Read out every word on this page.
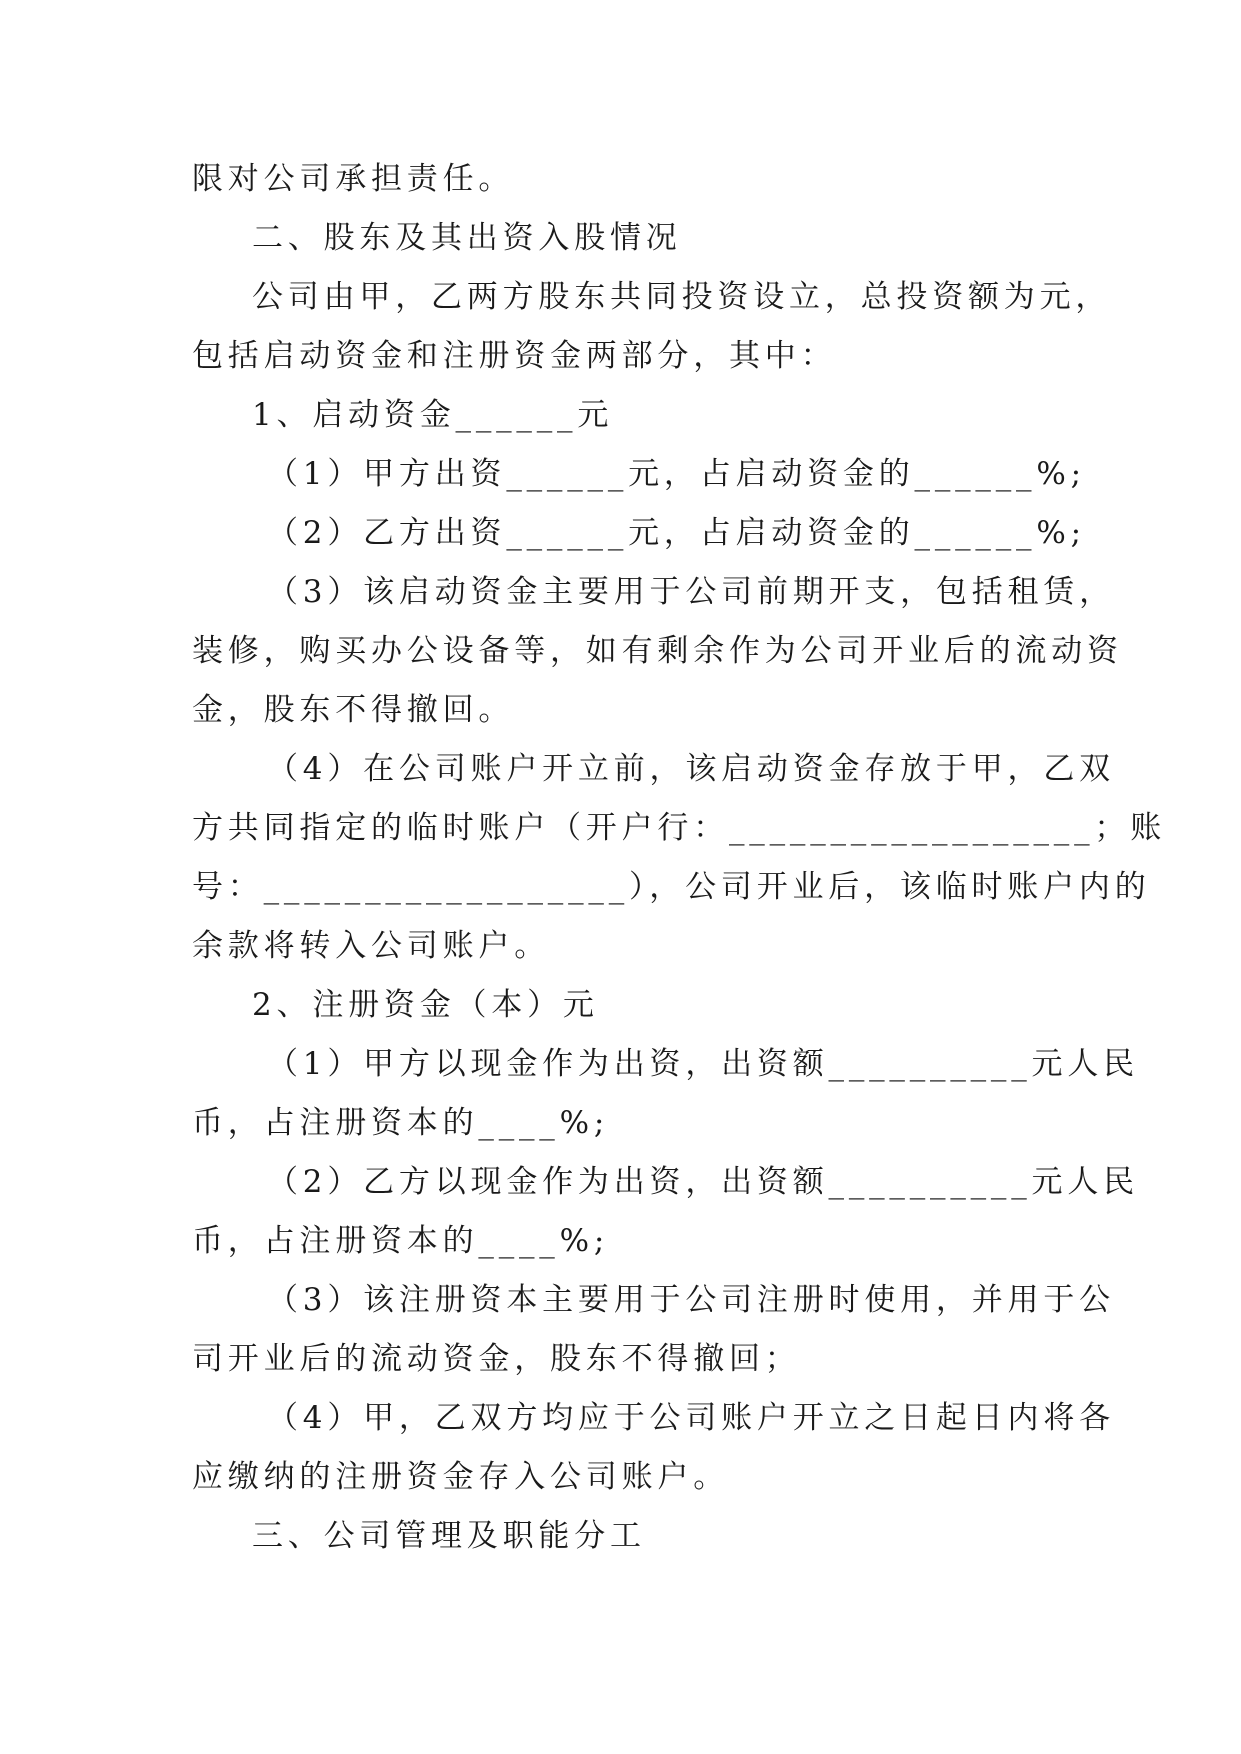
限对公司承担责任。
二、股东及其出资入股情况
公司由甲，乙两方股东共同投资设立，总投资额为元，
包括启动资金和注册资金两部分，其中：
1、启动资金______元
（1）甲方出资______元，占启动资金的______%;
（2）乙方出资______元，占启动资金的______%;
（3）该启动资金主要用于公司前期开支，包括租赁，
装修，购买办公设备等，如有剩余作为公司开业后的流动资
金，股东不得撤回。
（4）在公司账户开立前，该启动资金存放于甲，乙双
方共同指定的临时账户（开户行：__________________；账
号：__________________），公司开业后，该临时账户内的
余款将转入公司账户。
2、注册资金（本）元
（1）甲方以现金作为出资，出资额__________元人民
币，占注册资本的____%;
（2）乙方以现金作为出资，出资额__________元人民
币，占注册资本的____%;
（3）该注册资本主要用于公司注册时使用，并用于公
司开业后的流动资金，股东不得撤回；
（4）甲，乙双方均应于公司账户开立之日起日内将各
应缴纳的注册资金存入公司账户。
三、公司管理及职能分工
